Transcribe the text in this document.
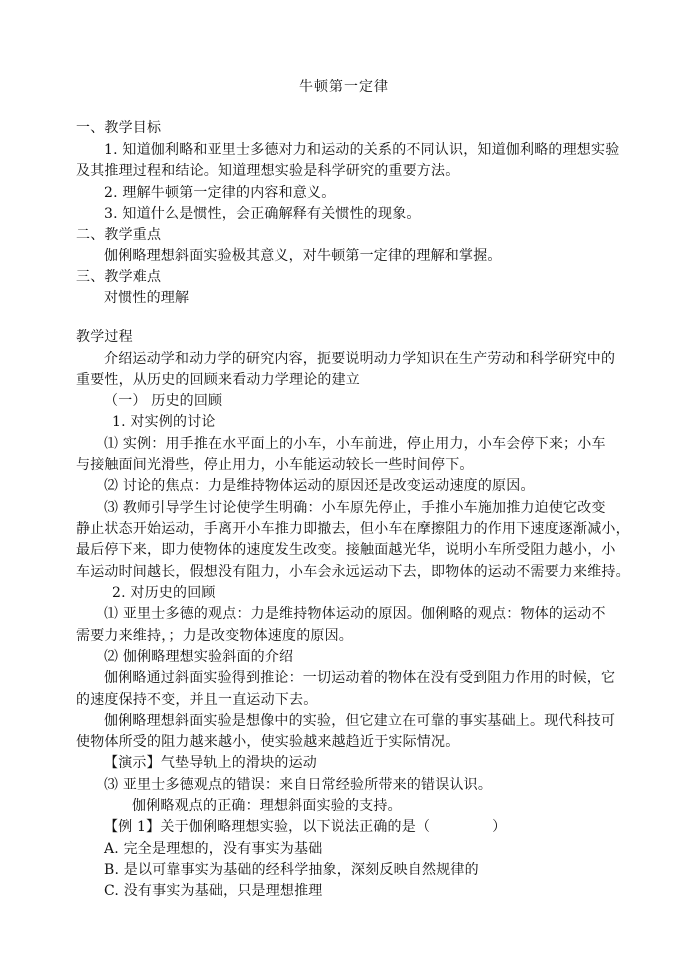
牛顿第一定律
一、教学目标
1. 知道伽利略和亚里士多德对力和运动的关系的不同认识，知道伽利略的理想实验
及其推理过程和结论。知道理想实验是科学研究的重要方法。
2. 理解牛顿第一定律的内容和意义。
3. 知道什么是惯性，会正确解释有关惯性的现象。
二、教学重点
伽俐略理想斜面实验极其意义，对牛顿第一定律的理解和掌握。
三、教学难点
对惯性的理解
教学过程
介绍运动学和动力学的研究内容，扼要说明动力学知识在生产劳动和科学研究中的
重要性，从历史的回顾来看动力学理论的建立
（一） 历史的回顾
1. 对实例的讨论
⑴ 实例：用手推在水平面上的小车，小车前进，停止用力，小车会停下来；小车
与接触面间光滑些，停止用力，小车能运动较长一些时间停下。
⑵ 讨论的焦点：力是维持物体运动的原因还是改变运动速度的原因。
⑶ 教师引导学生讨论使学生明确：小车原先停止，手推小车施加推力迫使它改变
静止状态开始运动，手离开小车推力即撤去，但小车在摩擦阻力的作用下速度逐渐减小，
最后停下来，即力使物体的速度发生改变。接触面越光华，说明小车所受阻力越小，小
车运动时间越长，假想没有阻力，小车会永远运动下去，即物体的运动不需要力来维持。
2. 对历史的回顾
⑴ 亚里士多德的观点：力是维持物体运动的原因。伽俐略的观点：物体的运动不
需要力来维持，；力是改变物体速度的原因。
⑵ 伽俐略理想实验斜面的介绍
伽俐略通过斜面实验得到推论：一切运动着的物体在没有受到阻力作用的时候，它
的速度保持不变，并且一直运动下去。
伽俐略理想斜面实验是想像中的实验，但它建立在可靠的事实基础上。现代科技可
使物体所受的阻力越来越小，使实验越来越趋近于实际情况。
【演示】气垫导轨上的滑块的运动
⑶ 亚里士多德观点的错误：来自日常经验所带来的错误认识。
伽俐略观点的正确：理想斜面实验的支持。
【例 1】关于伽俐略理想实验，以下说法正确的是（	）
A. 完全是理想的，没有事实为基础
B. 是以可靠事实为基础的经科学抽象，深刻反映自然规律的
C. 没有事实为基础，只是理想推理
